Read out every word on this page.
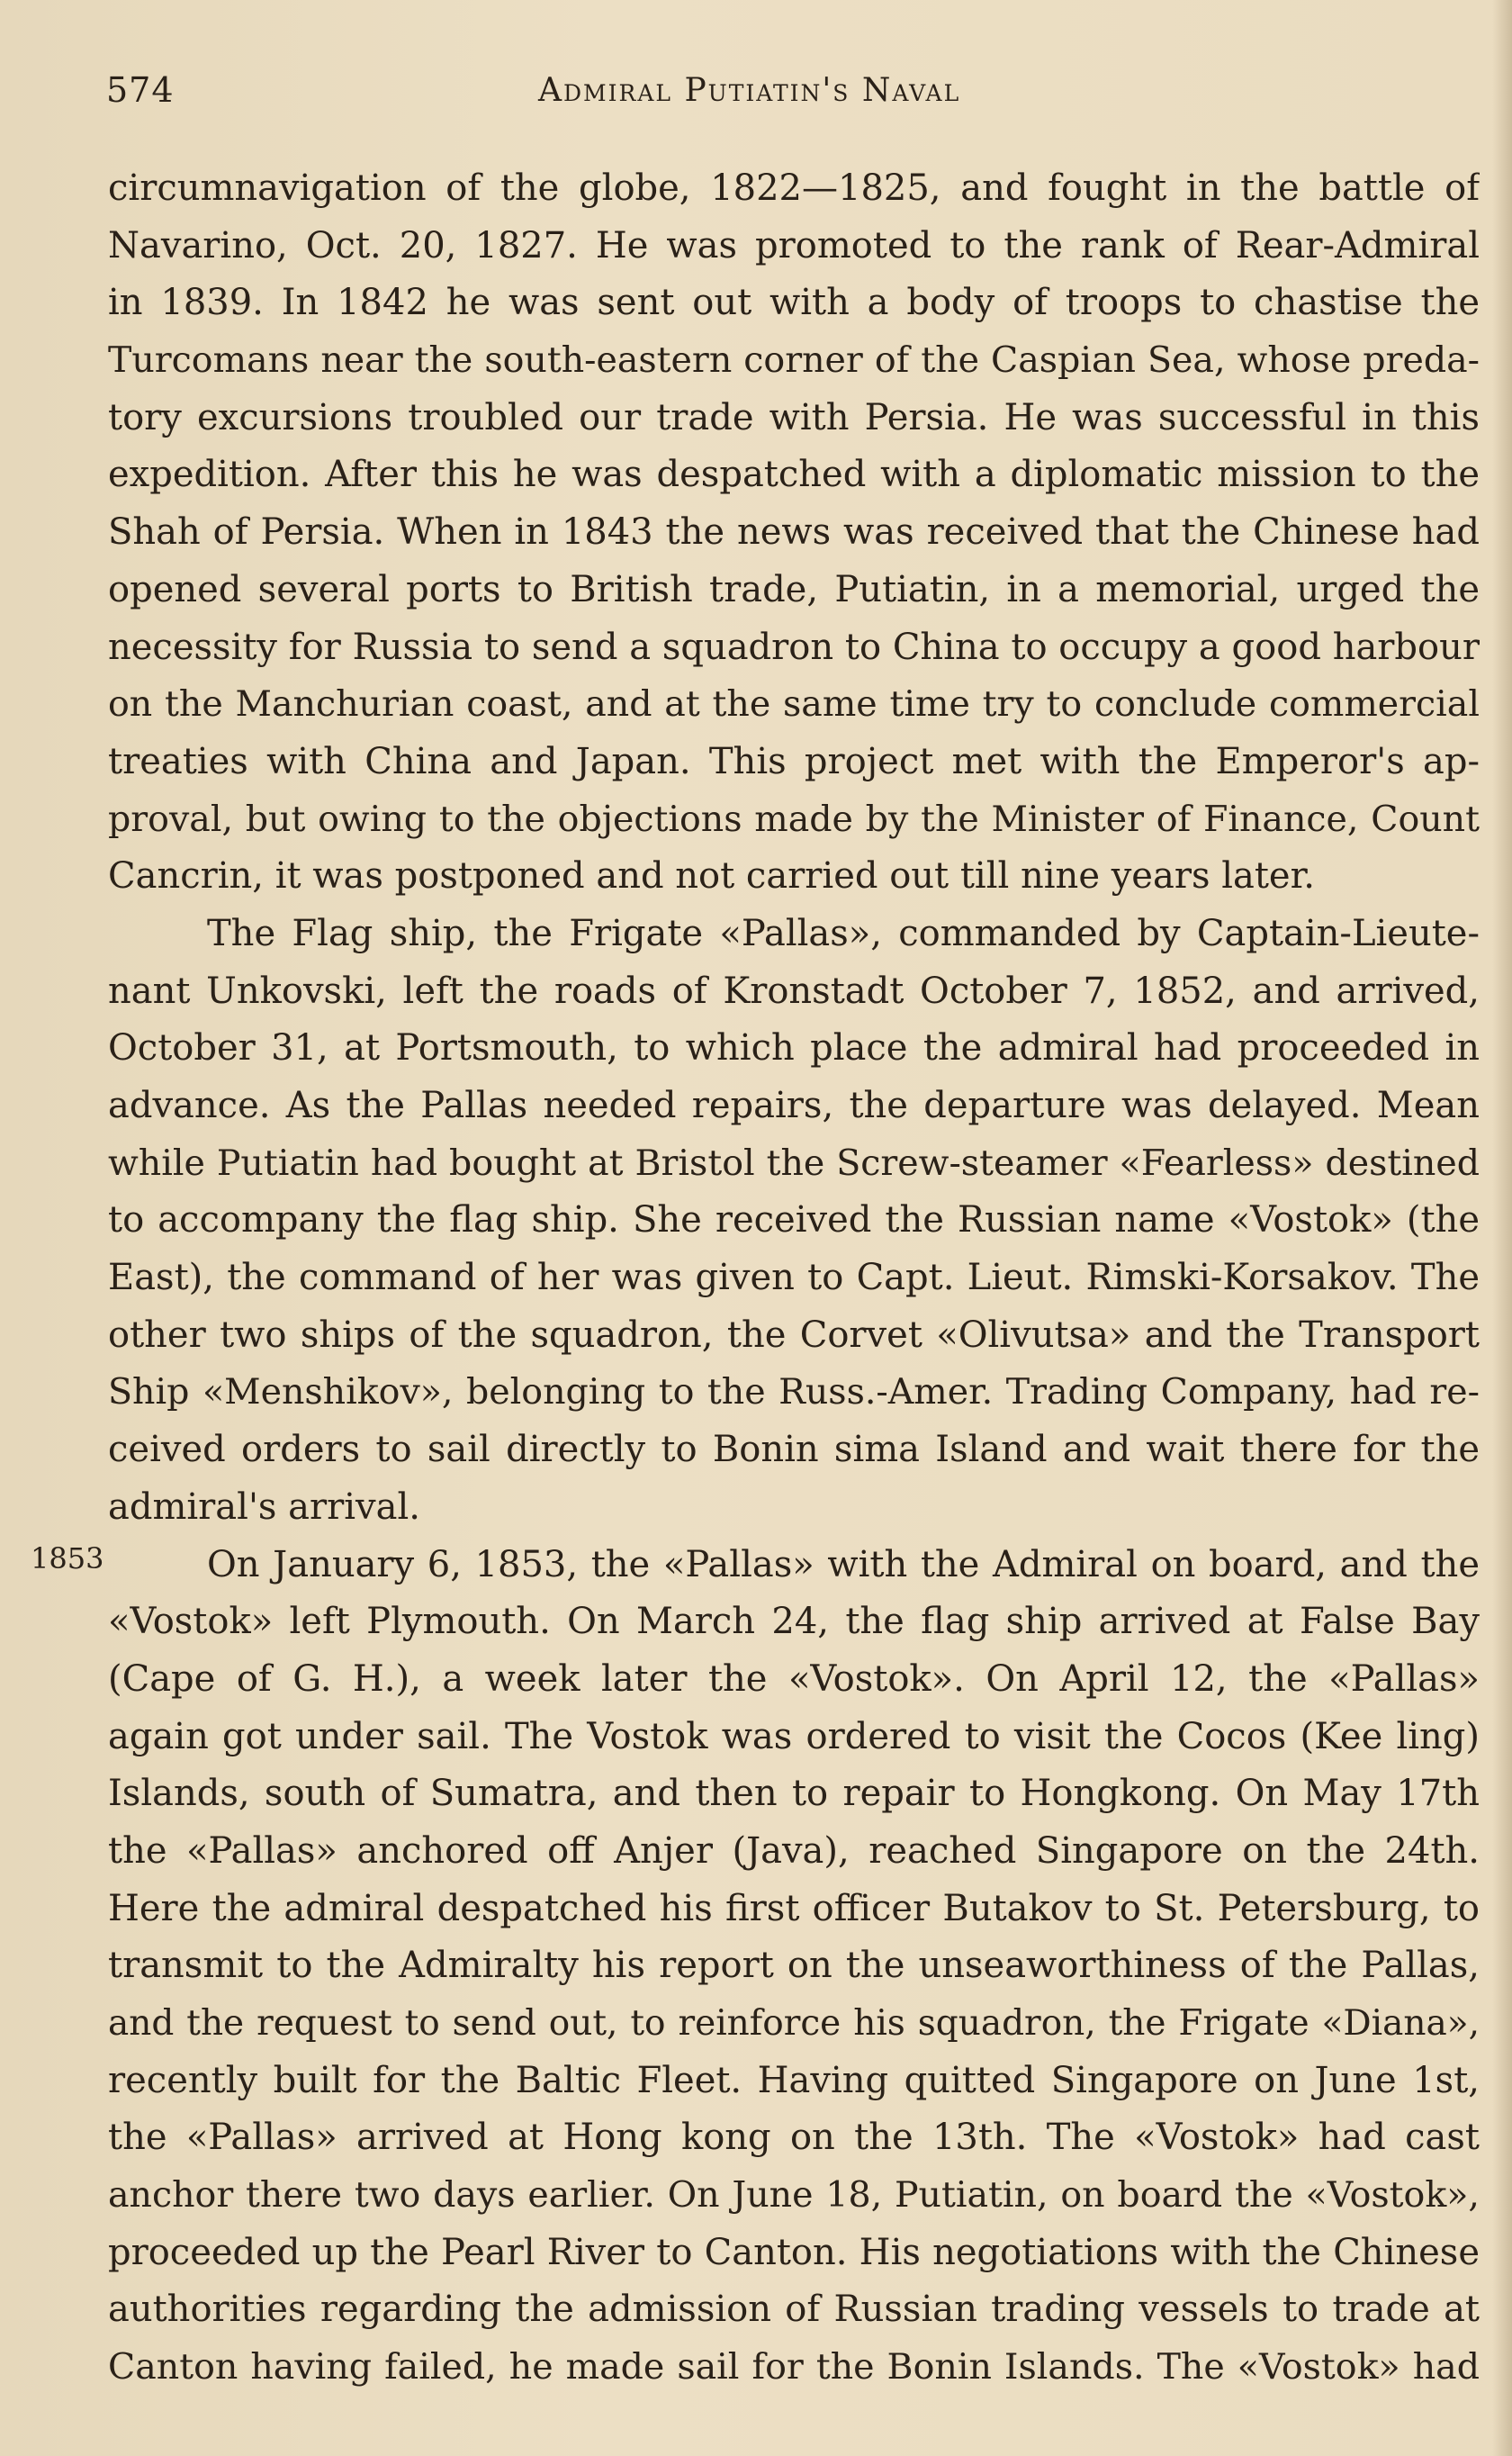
574	Admiral Putiatin's Naval
1853
circumnavigation of the globe, 1822—1825, and fought in the battle of
Navarino, Oct. 20, 1827. He was promoted to the rank of Rear-Admiral
in 1839. In 1842 he was sent out with a body of troops to chastise the
Turcomans near the south-eastern corner of the Caspian Sea, whose preda-
tory excursions troubled our trade with Persia. He was successful in this
expedition. After this he was despatched with a diplomatic mission to the
Shah of Persia. When in 1843 the news was received that the Chinese had
opened several ports to British trade, Putiatin, in a memorial, urged the
necessity for Russia to send a squadron to China to occupy a good harbour
on the Manchurian coast, and at the same time try to conclude commercial
treaties with China and Japan. This project met with the Emperor's ap-
proval, but owing to the objections made by the Minister of Finance, Count
Cancrin, it was postponed and not carried out till nine years later.
The Flag ship, the Frigate «Pallas», commanded by Captain-Lieute-
nant Unkovski, left the roads of Kronstadt October 7, 1852, and arrived,
October 31, at Portsmouth, to which place the admiral had proceeded in
advance. As the Pallas needed repairs, the departure was delayed. Mean
while Putiatin had bought at Bristol the Screw-steamer «Fearless» destined
to accompany the flag ship. She received the Russian name «Vostok» (the
East), the command of her was given to Capt. Lieut. Rimski-Korsakov. The
other two ships of the squadron, the Corvet «Olivutsa» and the Transport
Ship «Menshikov», belonging to the Russ.-Amer. Trading Company, had re-
ceived orders to sail directly to Bonin sima Island and wait there for the
admiral's arrival.
On January 6, 1853, the «Pallas» with the Admiral on board, and the
«Vostok» left Plymouth. On March 24, the flag ship arrived at False Bay
(Cape of G. H.), a week later the «Vostok». On April 12, the «Pallas»
again got under sail. The Vostok was ordered to visit the Cocos (Kee ling)
Islands, south of Sumatra, and then to repair to Hongkong. On May 17th
the «Pallas» anchored off Anjer (Java), reached Singapore on the 24th.
Here the admiral despatched his first officer Butakov to St. Petersburg, to
transmit to the Admiralty his report on the unseaworthiness of the Pallas,
and the request to send out, to reinforce his squadron, the Frigate «Diana»,
recently built for the Baltic Fleet. Having quitted Singapore on June 1st,
the «Pallas» arrived at Hong kong on the 13th. The «Vostok» had cast
anchor there two days earlier. On June 18, Putiatin, on board the «Vostok»,
proceeded up the Pearl River to Canton. His negotiations with the Chinese
authorities regarding the admission of Russian trading vessels to trade at
Canton having failed, he made sail for the Bonin Islands. The «Vostok» had
